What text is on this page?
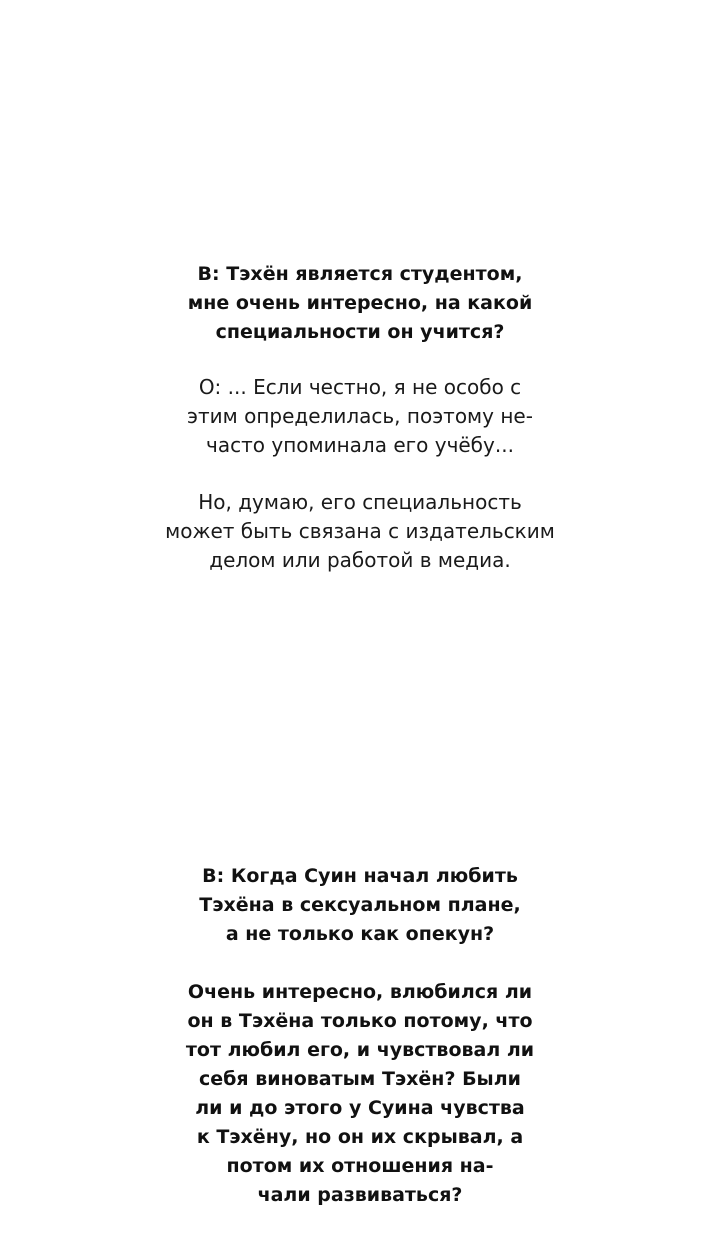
В: Тэхён является студентом,
мне очень интересно, на какой
специальности он учится?
О: ... Если честно, я не особо с
этим определилась, поэтому не-
часто упоминала его учёбу...
Но, думаю, его специальность
может быть связана с издательским
делом или работой в медиа.
В: Когда Суин начал любить
Тэхёна в сексуальном плане,
а не только как опекун?
Очень интересно, влюбился ли
он в Тэхёна только потому, что
тот любил его, и чувствовал ли
себя виноватым Тэхён? Были
ли и до этого у Суина чувства
к Тэхёну, но он их скрывал, а
потом их отношения на-
чали развиваться?
